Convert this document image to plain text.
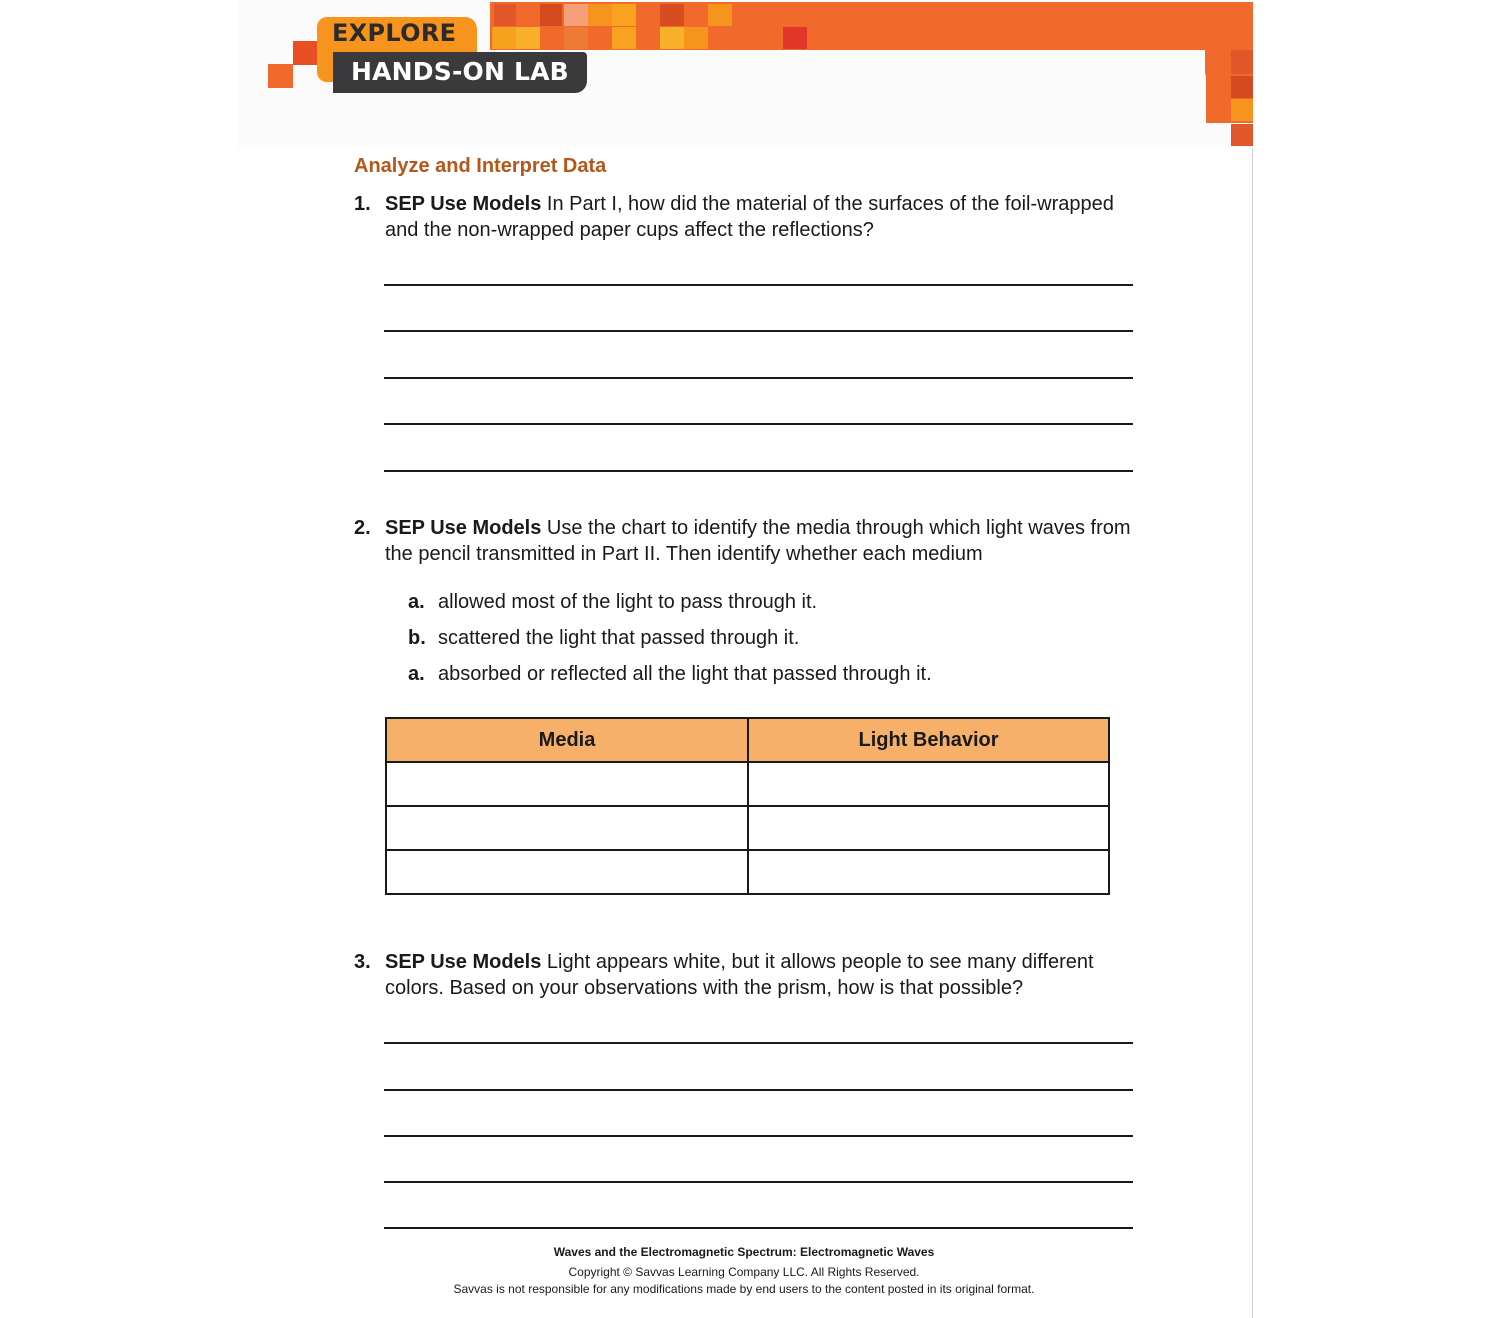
EXPLORE
HANDS-ON LAB
Analyze and Interpret Data
1. SEP Use Models In Part I, how did the material of the surfaces of the foil-wrapped and the non-wrapped paper cups affect the reflections?
2. SEP Use Models Use the chart to identify the media through which light waves from the pencil transmitted in Part II. Then identify whether each medium
a. allowed most of the light to pass through it.
b. scattered the light that passed through it.
a. absorbed or reflected all the light that passed through it.
Media	Light Behavior

3. SEP Use Models Light appears white, but it allows people to see many different colors. Based on your observations with the prism, how is that possible?
Waves and the Electromagnetic Spectrum: Electromagnetic Waves
Copyright © Savvas Learning Company LLC. All Rights Reserved.
Savvas is not responsible for any modifications made by end users to the content posted in its original format.
